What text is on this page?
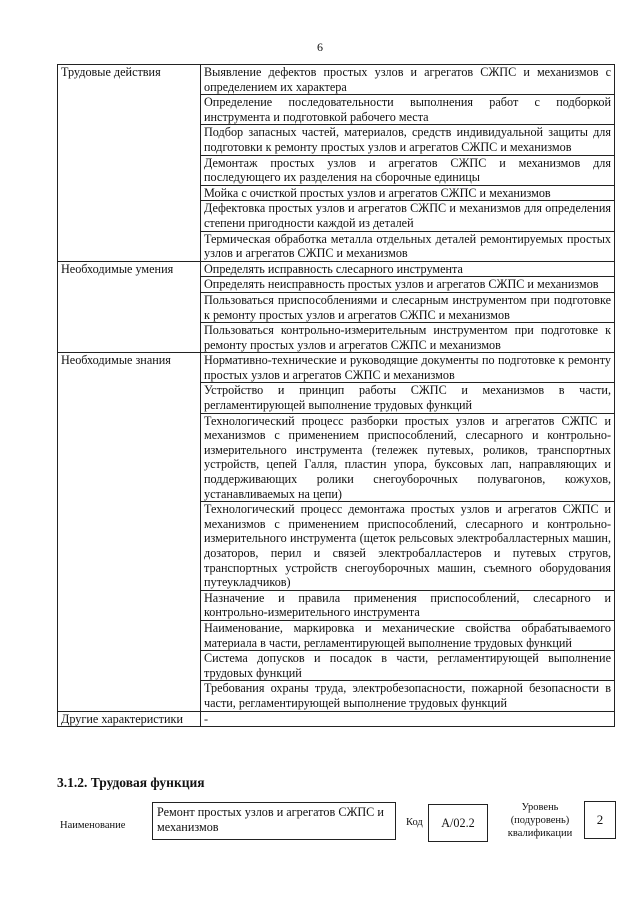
6
Трудовые действия	Выявление дефектов простых узлов и агрегатов СЖПС и механизмов с определением их характера
	Определение последовательности выполнения работ с подборкой инструмента и подготовкой рабочего места
	Подбор запасных частей, материалов, средств индивидуальной защиты для подготовки к ремонту простых узлов и агрегатов СЖПС и механизмов
	Демонтаж простых узлов и агрегатов СЖПС и механизмов для последующего их разделения на сборочные единицы
	Мойка с очисткой простых узлов и агрегатов СЖПС и механизмов
	Дефектовка простых узлов и агрегатов СЖПС и механизмов для определения степени пригодности каждой из деталей
	Термическая обработка металла отдельных деталей ремонтируемых простых узлов и агрегатов СЖПС и механизмов
Необходимые умения	Определять исправность слесарного инструмента
	Определять неисправность простых узлов и агрегатов СЖПС и механизмов
	Пользоваться приспособлениями и слесарным инструментом при подготовке к ремонту простых узлов и агрегатов СЖПС и механизмов
	Пользоваться контрольно-измерительным инструментом при подготовке к ремонту простых узлов и агрегатов СЖПС и механизмов
Необходимые знания	Нормативно-технические и руководящие документы по подготовке к ремонту простых узлов и агрегатов СЖПС и механизмов
	Устройство и принцип работы СЖПС и механизмов в части, регламентирующей выполнение трудовых функций
	Технологический процесс разборки простых узлов и агрегатов СЖПС и механизмов с применением приспособлений, слесарного и контрольно-измерительного инструмента (тележек путевых, роликов, транспортных устройств, цепей Галля, пластин упора, буксовых лап, направляющих и поддерживающих ролики снегоуборочных полувагонов, кожухов, устанавливаемых на цепи)
	Технологический процесс демонтажа простых узлов и агрегатов СЖПС и механизмов с применением приспособлений, слесарного и контрольно-измерительного инструмента (щеток рельсовых электробалластерных машин, дозаторов, перил и связей электробалластеров и путевых стругов, транспортных устройств снегоуборочных машин, съемного оборудования путеукладчиков)
	Назначение и правила применения приспособлений, слесарного и контрольно-измерительного инструмента
	Наименование, маркировка и механические свойства обрабатываемого материала в части, регламентирующей выполнение трудовых функций
	Система допусков и посадок в части, регламентирующей выполнение трудовых функций
	Требования охраны труда, электробезопасности, пожарной безопасности в части, регламентирующей выполнение трудовых функций
Другие характеристики	-
3.1.2. Трудовая функция
Наименование
Ремонт простых узлов и агрегатов СЖПС и механизмов	Код	А/02.2
Уровень (подуровень) квалификации
2
